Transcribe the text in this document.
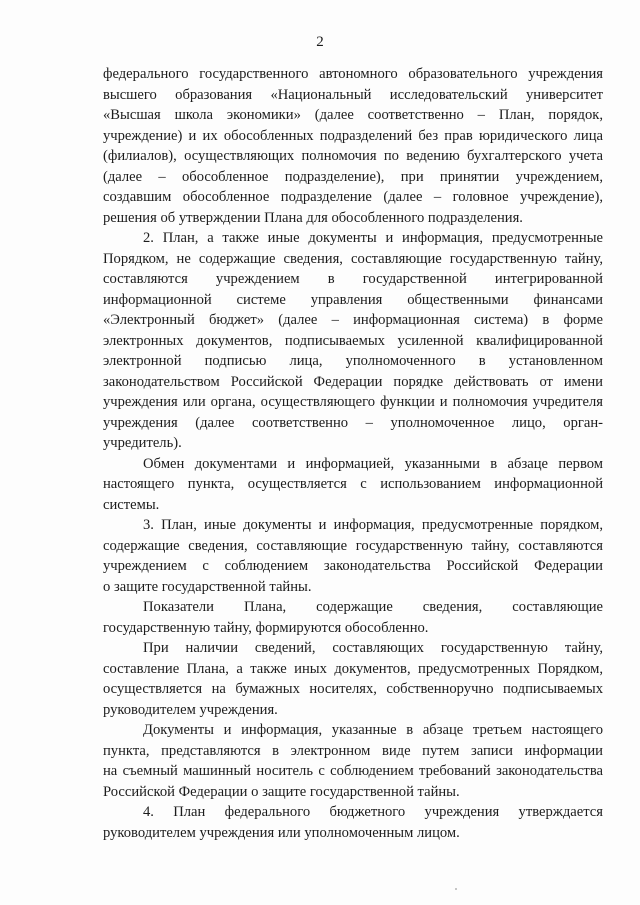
2

федерального государственного автономного образовательного учреждения
высшего образования «Национальный исследовательский университет
«Высшая школа экономики» (далее соответственно – План, порядок,
учреждение) и их обособленных подразделений без прав юридического лица
(филиалов), осуществляющих полномочия по ведению бухгалтерского учета
(далее – обособленное подразделение), при принятии учреждением,
создавшим обособленное подразделение (далее – головное учреждение),
решения об утверждении Плана для обособленного подразделения.

2. План, а также иные документы и информация, предусмотренные
Порядком, не содержащие сведения, составляющие государственную тайну,
составляются учреждением в государственной интегрированной
информационной системе управления общественными финансами
«Электронный бюджет» (далее – информационная система) в форме
электронных документов, подписываемых усиленной квалифицированной
электронной подписью лица, уполномоченного в установленном
законодательством Российской Федерации порядке действовать от имени
учреждения или органа, осуществляющего функции и полномочия учредителя
учреждения (далее соответственно – уполномоченное лицо, орган-
учредитель).

Обмен документами и информацией, указанными в абзаце первом
настоящего пункта, осуществляется с использованием информационной
системы.

3. План, иные документы и информация, предусмотренные порядком,
содержащие сведения, составляющие государственную тайну, составляются
учреждением с соблюдением законодательства Российской Федерации
о защите государственной тайны.

Показатели Плана, содержащие сведения, составляющие
государственную тайну, формируются обособленно.

При наличии сведений, составляющих государственную тайну,
составление Плана, а также иных документов, предусмотренных Порядком,
осуществляется на бумажных носителях, собственноручно подписываемых
руководителем учреждения.

Документы и информация, указанные в абзаце третьем настоящего
пункта, представляются в электронном виде путем записи информации
на съемный машинный носитель с соблюдением требований законодательства
Российской Федерации о защите государственной тайны.

4. План федерального бюджетного учреждения утверждается
руководителем учреждения или уполномоченным лицом.
